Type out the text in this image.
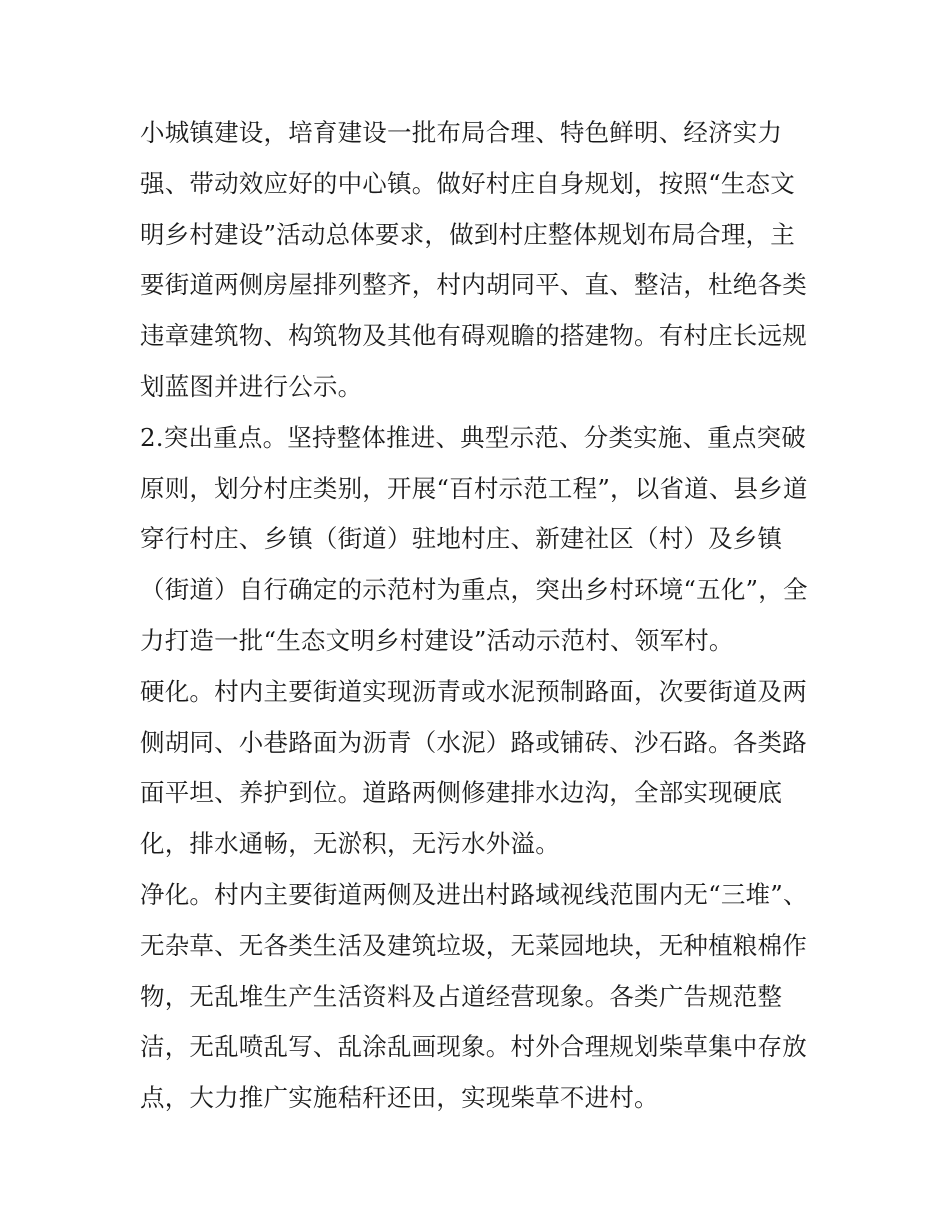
小城镇建设，培育建设一批布局合理、特色鲜明、经济实力
强、带动效应好的中心镇。做好村庄自身规划，按照“生态文
明乡村建设”活动总体要求，做到村庄整体规划布局合理，主
要街道两侧房屋排列整齐，村内胡同平、直、整洁，杜绝各类
违章建筑物、构筑物及其他有碍观瞻的搭建物。有村庄长远规
划蓝图并进行公示。
2.突出重点。坚持整体推进、典型示范、分类实施、重点突破
原则，划分村庄类别，开展“百村示范工程”，以省道、县乡道
穿行村庄、乡镇（街道）驻地村庄、新建社区（村）及乡镇
（街道）自行确定的示范村为重点，突出乡村环境“五化”，全
力打造一批“生态文明乡村建设”活动示范村、领军村。
硬化。村内主要街道实现沥青或水泥预制路面，次要街道及两
侧胡同、小巷路面为沥青（水泥）路或铺砖、沙石路。各类路
面平坦、养护到位。道路两侧修建排水边沟，全部实现硬底
化，排水通畅，无淤积，无污水外溢。
净化。村内主要街道两侧及进出村路域视线范围内无“三堆”、
无杂草、无各类生活及建筑垃圾，无菜园地块，无种植粮棉作
物，无乱堆生产生活资料及占道经营现象。各类广告规范整
洁，无乱喷乱写、乱涂乱画现象。村外合理规划柴草集中存放
点，大力推广实施秸秆还田，实现柴草不进村。
